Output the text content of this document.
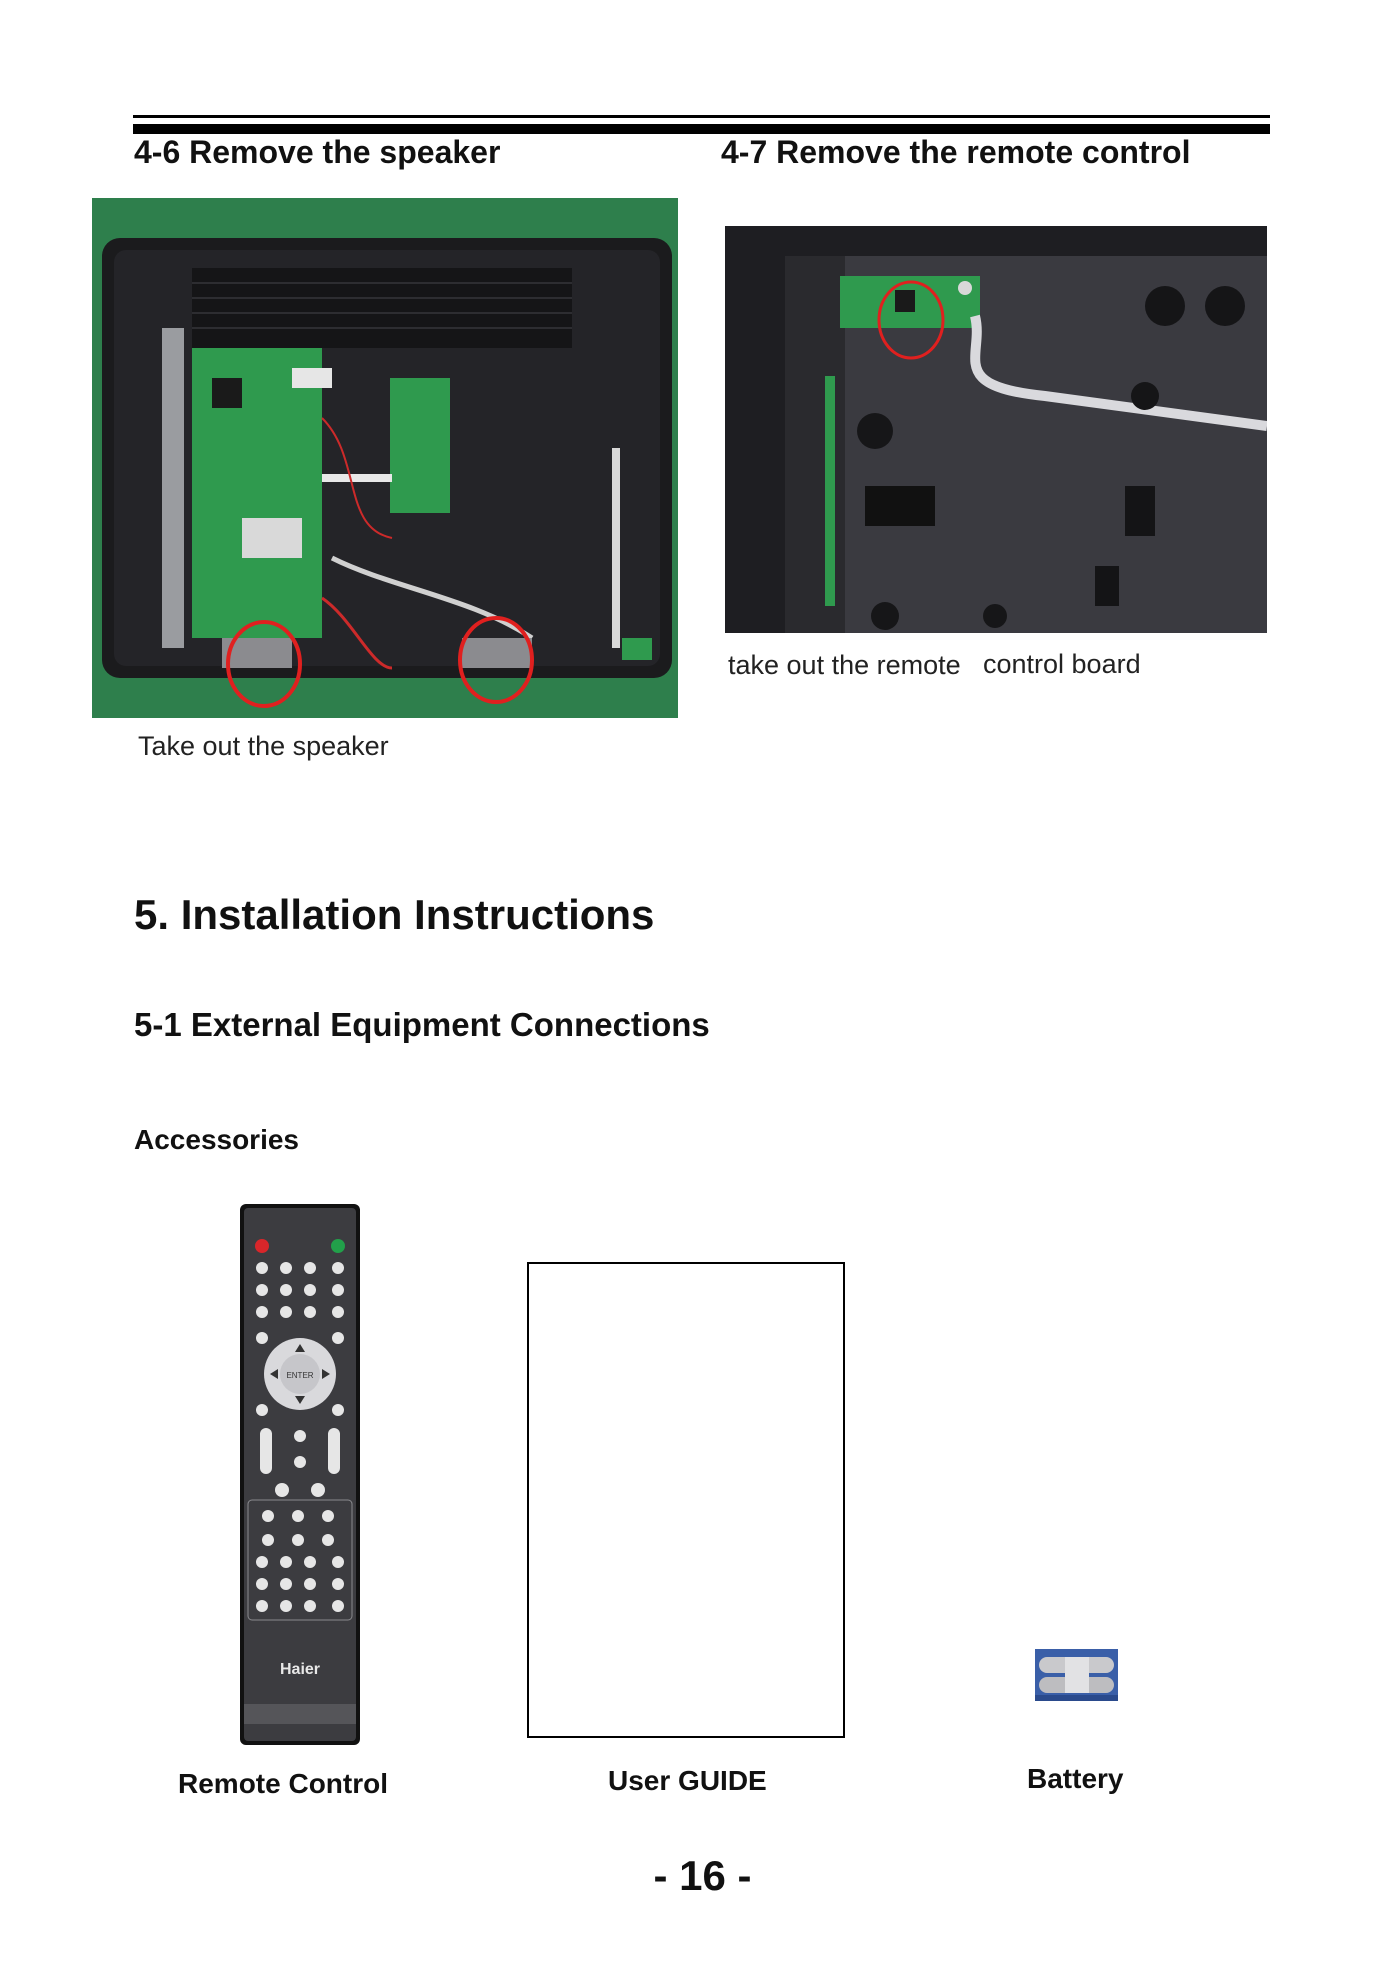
4-6 Remove the speaker
Take out the speaker
4-7 Remove the remote control
take out the remote control board
5. Installation Instructions
5-1 External Equipment Connections
Accessories
ENTER
Haier
Remote Control	User GUIDE	Battery
- 16 -
